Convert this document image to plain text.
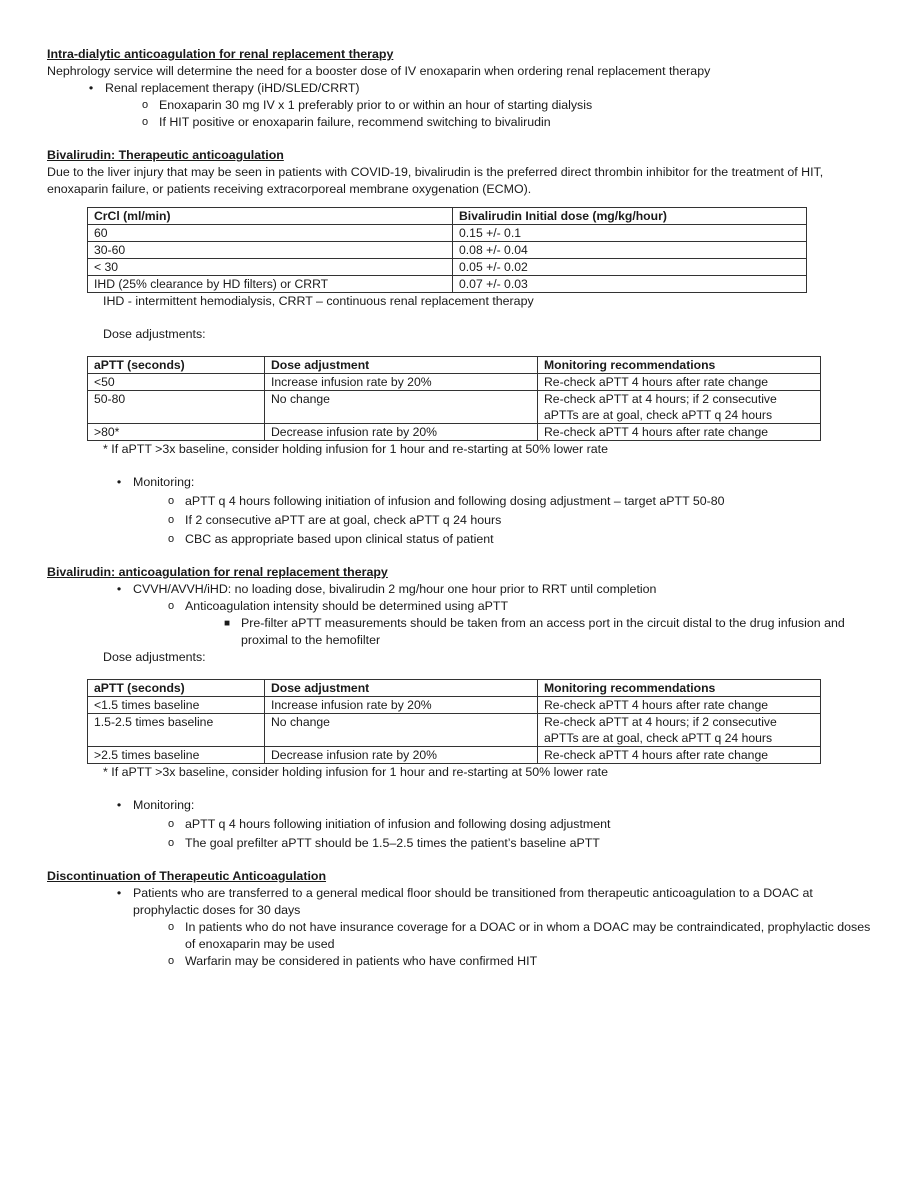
Intra-dialytic anticoagulation for renal replacement therapy

Nephrology service will determine the need for a booster dose of IV enoxaparin when ordering renal replacement therapy

• Renal replacement therapy (iHD/SLED/CRRT)
o Enoxaparin 30 mg IV x 1 preferably prior to or within an hour of starting dialysis
o If HIT positive or enoxaparin failure, recommend switching to bivalirudin

Bivalirudin: Therapeutic anticoagulation

Due to the liver injury that may be seen in patients with COVID-19, bivalirudin is the preferred direct thrombin inhibitor for the treatment of HIT, enoxaparin failure, or patients receiving extracorporeal membrane oxygenation (ECMO).

CrCl (ml/min)	Bivalirudin Initial dose (mg/kg/hour)
60	0.15 +/- 0.1
30-60	0.08 +/- 0.04
< 30	0.05 +/- 0.02
IHD (25% clearance by HD filters) or CRRT	0.07 +/- 0.03

IHD - intermittent hemodialysis, CRRT – continuous renal replacement therapy

Dose adjustments:

aPTT (seconds)	Dose adjustment	Monitoring recommendations
<50	Increase infusion rate by 20%	Re-check aPTT 4 hours after rate change
50-80	No change	Re-check aPTT at 4 hours; if 2 consecutive aPTTs are at goal, check aPTT q 24 hours
>80*	Decrease infusion rate by 20%	Re-check aPTT 4 hours after rate change

* If aPTT >3x baseline, consider holding infusion for 1 hour and re-starting at 50% lower rate

• Monitoring:
o aPTT q 4 hours following initiation of infusion and following dosing adjustment – target aPTT 50-80
o If 2 consecutive aPTT are at goal, check aPTT q 24 hours
o CBC as appropriate based upon clinical status of patient

Bivalirudin: anticoagulation for renal replacement therapy

• CVVH/AVVH/iHD: no loading dose, bivalirudin 2 mg/hour one hour prior to RRT until completion
o Anticoagulation intensity should be determined using aPTT
■ Pre-filter aPTT measurements should be taken from an access port in the circuit distal to the drug infusion and proximal to the hemofilter

Dose adjustments:

aPTT (seconds)	Dose adjustment	Monitoring recommendations
<1.5 times baseline	Increase infusion rate by 20%	Re-check aPTT 4 hours after rate change
1.5-2.5 times baseline	No change	Re-check aPTT at 4 hours; if 2 consecutive aPTTs are at goal, check aPTT q 24 hours
>2.5 times baseline	Decrease infusion rate by 20%	Re-check aPTT 4 hours after rate change

* If aPTT >3x baseline, consider holding infusion for 1 hour and re-starting at 50% lower rate

• Monitoring:
o aPTT q 4 hours following initiation of infusion and following dosing adjustment
o The goal prefilter aPTT should be 1.5–2.5 times the patient’s baseline aPTT

Discontinuation of Therapeutic Anticoagulation

• Patients who are transferred to a general medical floor should be transitioned from therapeutic anticoagulation to a DOAC at prophylactic doses for 30 days
o In patients who do not have insurance coverage for a DOAC or in whom a DOAC may be contraindicated, prophylactic doses of enoxaparin may be used
o Warfarin may be considered in patients who have confirmed HIT
